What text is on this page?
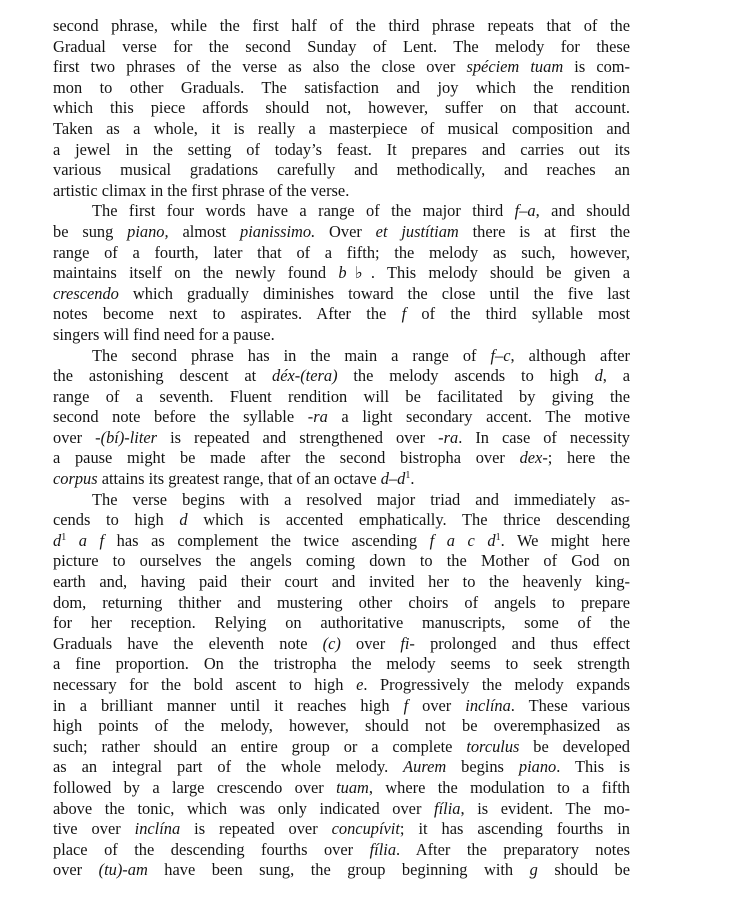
second phrase, while the first half of the third phrase repeats that of the
Gradual verse for the second Sunday of Lent. The melody for these
first two phrases of the verse as also the close over spéciem tuam is com-
mon to other Graduals. The satisfaction and joy which the rendition
which this piece affords should not, however, suffer on that account.
Taken as a whole, it is really a masterpiece of musical composition and
a jewel in the setting of today’s feast. It prepares and carries out its
various musical gradations carefully and methodically, and reaches an
artistic climax in the first phrase of the verse.
The first four words have a range of the major third f–a, and should
be sung piano, almost pianissimo. Over et justítiam there is at first the
range of a fourth, later that of a fifth; the melody as such, however,
maintains itself on the newly found b♭. This melody should be given a
crescendo which gradually diminishes toward the close until the five last
notes become next to aspirates. After the f of the third syllable most
singers will find need for a pause.
The second phrase has in the main a range of f–c, although after
the astonishing descent at déx-(tera) the melody ascends to high d, a
range of a seventh. Fluent rendition will be facilitated by giving the
second note before the syllable -ra a light secondary accent. The motive
over -(bí)-liter is repeated and strengthened over -ra. In case of necessity
a pause might be made after the second bistropha over dex-; here the
corpus attains its greatest range, that of an octave $d-d^1$.
The verse begins with a resolved major triad and immediately as-
cends to high d which is accented emphatically. The thrice descending
$d^1$ a f has as complement the twice ascending f a c $d^1$. We might here
picture to ourselves the angels coming down to the Mother of God on
earth and, having paid their court and invited her to the heavenly king-
dom, returning thither and mustering other choirs of angels to prepare
for her reception. Relying on authoritative manuscripts, some of the
Graduals have the eleventh note (c) over fi- prolonged and thus effect
a fine proportion. On the tristropha the melody seems to seek strength
necessary for the bold ascent to high e. Progressively the melody expands
in a brilliant manner until it reaches high f over inclína. These various
high points of the melody, however, should not be overemphasized as
such; rather should an entire group or a complete torculus be developed
as an integral part of the whole melody. Aurem begins piano. This is
followed by a large crescendo over tuam, where the modulation to a fifth
above the tonic, which was only indicated over fília, is evident. The mo-
tive over inclína is repeated over concupívit; it has ascending fourths in
place of the descending fourths over fília. After the preparatory notes
over (tu)-am have been sung, the group beginning with g should be
